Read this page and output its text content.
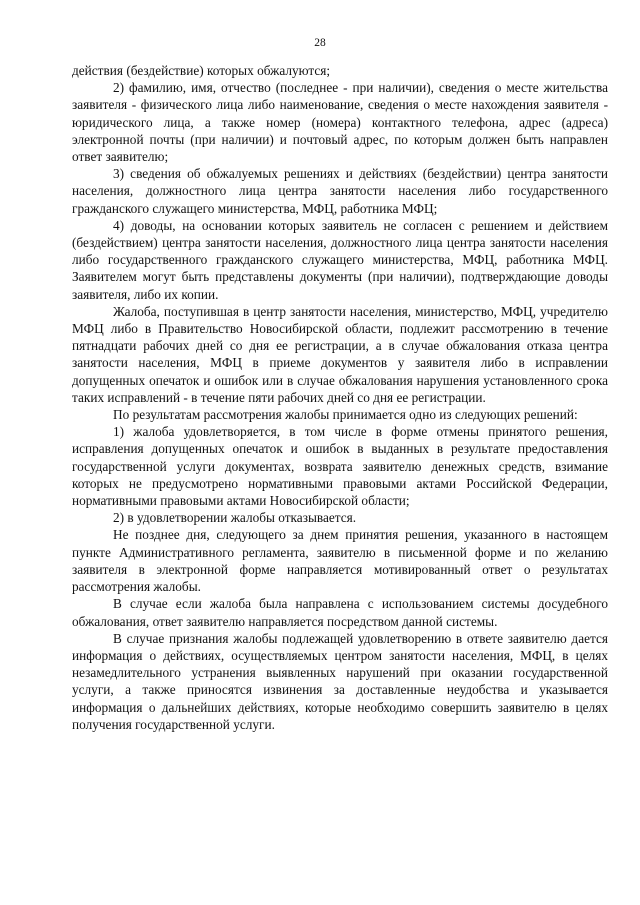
28

действия (бездействие) которых обжалуются;

2) фамилию, имя, отчество (последнее - при наличии), сведения о месте жительства заявителя - физического лица либо наименование, сведения о месте нахождения заявителя - юридического лица, а также номер (номера) контактного телефона, адрес (адреса) электронной почты (при наличии) и почтовый адрес, по которым должен быть направлен ответ заявителю;

3) сведения об обжалуемых решениях и действиях (бездействии) центра занятости населения, должностного лица центра занятости населения либо государственного гражданского служащего министерства, МФЦ, работника МФЦ;

4) доводы, на основании которых заявитель не согласен с решением и действием (бездействием) центра занятости населения, должностного лица центра занятости населения либо государственного гражданского служащего министерства, МФЦ, работника МФЦ. Заявителем могут быть представлены документы (при наличии), подтверждающие доводы заявителя, либо их копии.

Жалоба, поступившая в центр занятости населения, министерство, МФЦ, учредителю МФЦ либо в Правительство Новосибирской области, подлежит рассмотрению в течение пятнадцати рабочих дней со дня ее регистрации, а в случае обжалования отказа центра занятости населения, МФЦ в приеме документов у заявителя либо в исправлении допущенных опечаток и ошибок или в случае обжалования нарушения установленного срока таких исправлений - в течение пяти рабочих дней со дня ее регистрации.

По результатам рассмотрения жалобы принимается одно из следующих решений:

1) жалоба удовлетворяется, в том числе в форме отмены принятого решения, исправления допущенных опечаток и ошибок в выданных в результате предоставления государственной услуги документах, возврата заявителю денежных средств, взимание которых не предусмотрено нормативными правовыми актами Российской Федерации, нормативными правовыми актами Новосибирской области;

2) в удовлетворении жалобы отказывается.

Не позднее дня, следующего за днем принятия решения, указанного в настоящем пункте Административного регламента, заявителю в письменной форме и по желанию заявителя в электронной форме направляется мотивированный ответ о результатах рассмотрения жалобы.

В случае если жалоба была направлена с использованием системы досудебного обжалования, ответ заявителю направляется посредством данной системы.

В случае признания жалобы подлежащей удовлетворению в ответе заявителю дается информация о действиях, осуществляемых центром занятости населения, МФЦ, в целях незамедлительного устранения выявленных нарушений при оказании государственной услуги, а также приносятся извинения за доставленные неудобства и указывается информация о дальнейших действиях, которые необходимо совершить заявителю в целях получения государственной услуги.
